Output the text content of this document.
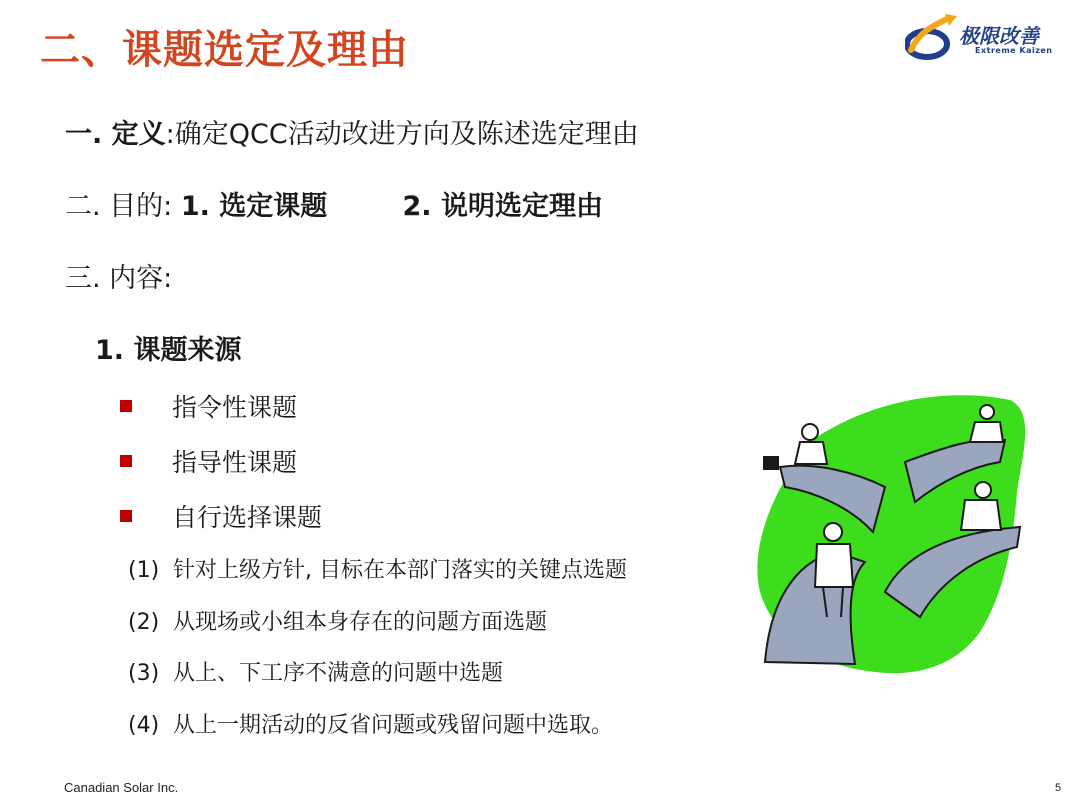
二、课题选定及理由	极限改善
Extreme Kaizen
一. 定义:确定QCC活动改进方向及陈述选定理由
二. 目的: 1. 选定课题	2. 说明选定理由
三. 内容:
1. 课题来源
指令性课题
指导性课题
自行选择课题
(1) 针对上级方针, 目标在本部门落实的关键点选题
(2) 从现场或小组本身存在的问题方面选题
(3) 从上、下工序不满意的问题中选题
(4) 从上一期活动的反省问题或残留问题中选取。
Canadian Solar Inc.	5
